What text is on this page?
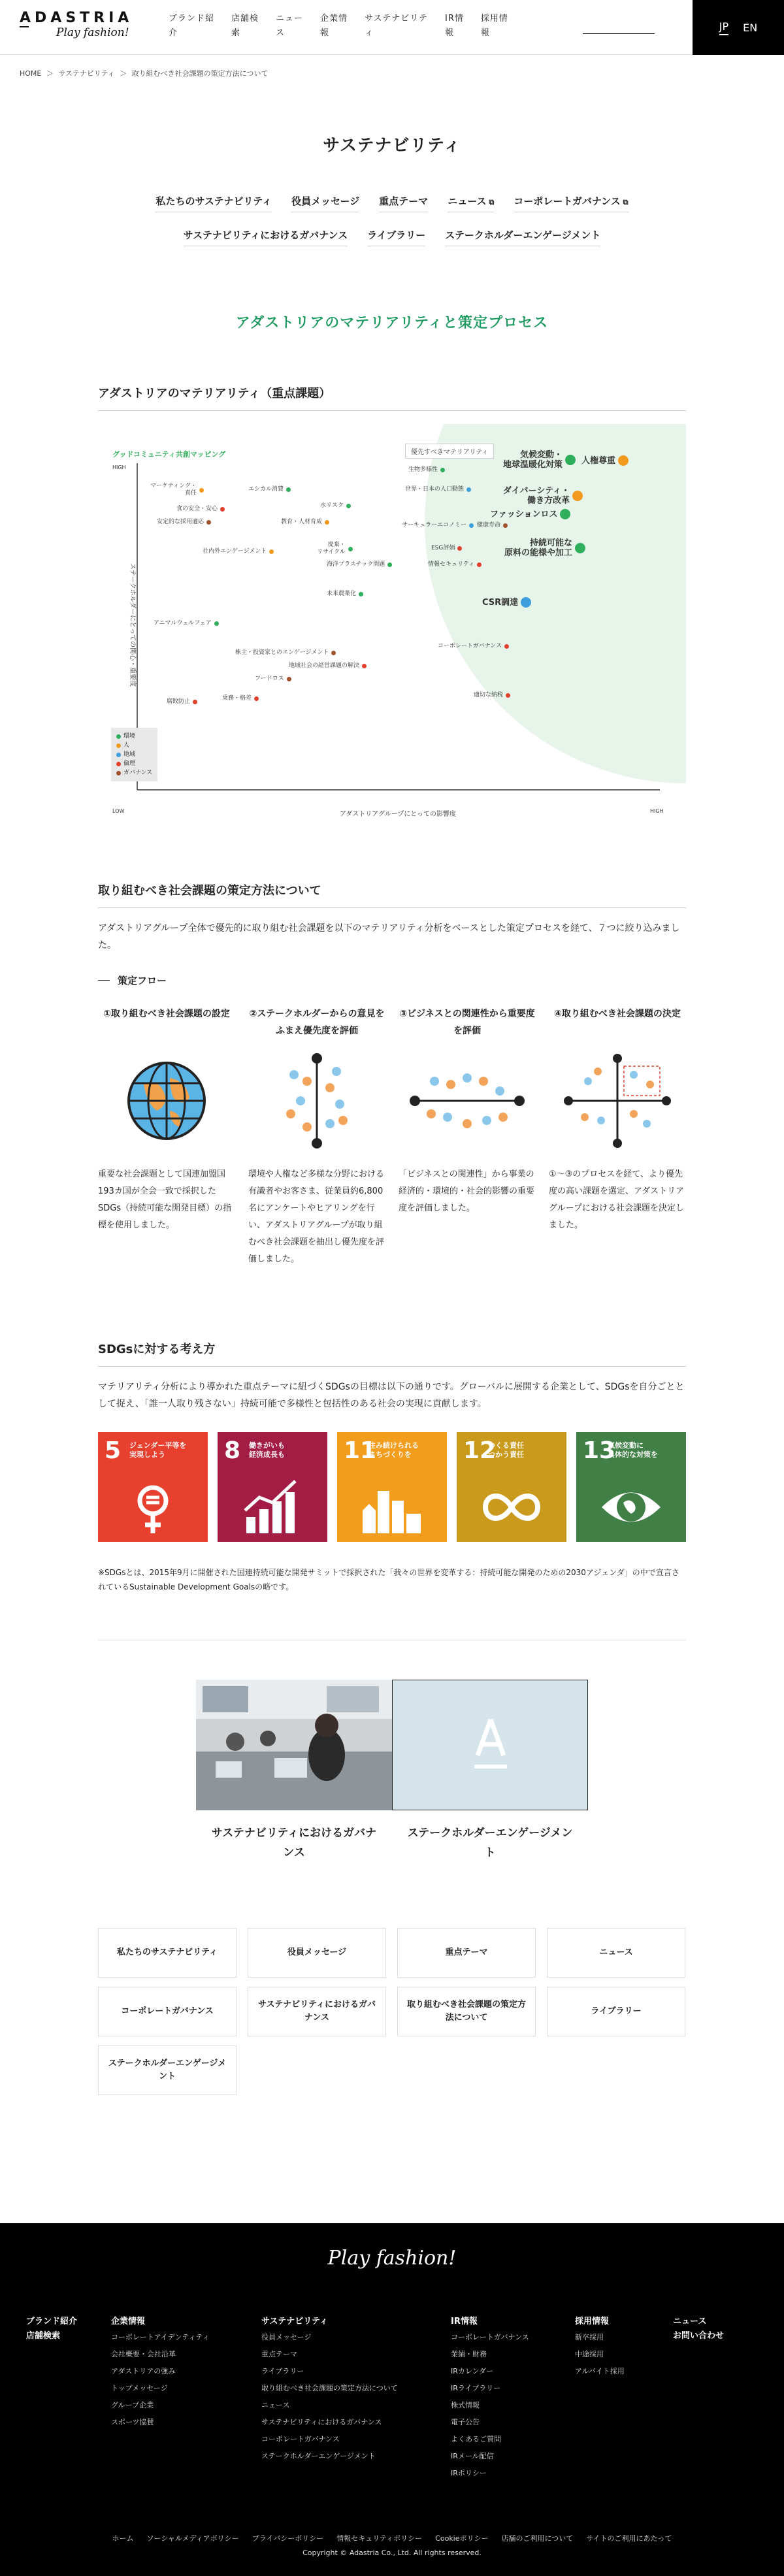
ADASTRIA
Play fashion!
ブランド紹
介
店舗検
索
ニュー
ス
企業情
報
サステナビリテ
ィ
IR情
報
採用情
報
JP EN
HOME ＞ サステナビリティ ＞ 取り組むべき社会課題の策定方法について
サステナビリティ
私たちのサステナビリティ 役員メッセージ 重点テーマ ニュース ⧉ コーポレートガバナンス ⧉
サステナビリティにおけるガバナンス ライブラリー ステークホルダーエンゲージメント
アダストリアのマテリアリティと策定プロセス
アダストリアのマテリアリティ（重点課題）
グッドコミュニティ共創マッピング	優先すべきマテリアリティ
HIGH
LOW	HIGH
アダストリアグループにとっての影響度
ステークホルダーにとっての関心・重要度
環境
人
地域
倫理
ガバナンス
気候変動・
地球温暖化対策 人権尊重
ダイバーシティ・
働き方改革
ファッションロス
持続可能な
原料の能様や加工
CSR調達
生物多様性
世界・日本の人口動態
マーケティング・
責任
エシカル消費
食の安全・安心	水リスク
安定的な採用適応	教育・人材育成	サーキュラーエコノミー 健康寿命
社内外エンゲージメント
廃棄・
リサイクル
ESG評価
海洋プラスチック問題	情報セキュリティ
未来農業化
アニマルウェルフェア
コーポレートガバナンス
株主・投資家とのエンゲージメント
地域社会の経営課題の解決
フードロス
乗務・格差	適切な納税
腐敗防止
取り組むべき社会課題の策定方法について
アダストリアグループ全体で優先的に取り組む社会課題を以下のマテリアリティ分析をベースとした策定プロセスを経て、７つに絞り込みました。
策定フロー
①取り組むべき社会課題の設定
重要な社会課題として国連加盟国193カ国が全会一致で採択したSDGs（持続可能な開発目標）の指標を使用しました。
②ステークホルダーからの意見をふまえ優先度を評価
環境や人権など多様な分野における有識者やお客さま、従業員約6,800名にアンケートやヒアリングを行い、アダストリアグループが取り組むべき社会課題を抽出し優先度を評価しました。
③ビジネスとの関連性から重要度を評価
「ビジネスとの関連性」から事業の経済的・環境的・社会的影響の重要度を評価しました。
④取り組むべき社会課題の決定
①〜③のプロセスを経て、より優先度の高い課題を選定、アダストリアグループにおける社会課題を決定しました。
SDGsに対する考え方
マテリアリティ分析により導かれた重点テーマに紐づくSDGsの目標は以下の通りです。グローバルに展開する企業として、SDGsを自分ごととして捉え、「誰一人取り残さない」持続可能で多様性と包括性のある社会の実現に貢献します。
5 ジェンダー平等を
実現しよう	8 働きがいも
経済成長も	11
住み続けられる
まちづくりを	12
つくる責任
つかう責任	13
気候変動に
具体的な対策を
※SDGsとは、2015年9月に開催された国連持続可能な開発サミットで採択された「我々の世界を変革する：持続可能な開発のための2030アジェンダ」の中で宣言されているSustainable Development Goalsの略です。
サステナビリティにおけるガバナンス
ステークホルダーエンゲージメント
私たちのサステナビリティ	役員メッセージ	重点テーマ	ニュース
コーポレートガバナンス
サステナビリティにおけるガバナンス
取り組むべき社会課題の策定方法について
ライブラリー
ステークホルダーエンゲージメント
Play fashion!
ブランド紹介
店舗検索
企業情報
コーポレートアイデンティティ
会社概要・会社沿革
アダストリアの強み
トップメッセージ
グループ企業
スポーツ協賛
サステナビリティ
役員メッセージ
重点テーマ
ライブラリー
取り組むべき社会課題の策定方法について
ニュース
サステナビリティにおけるガバナンス
コーポレートガバナンス
ステークホルダーエンゲージメント
IR情報
コーポレートガバナンス
業績・財務
IRカレンダー
IRライブラリー
株式情報
電子公告
よくあるご質問
IRメール配信
IRポリシー
採用情報
新卒採用
中途採用
アルバイト採用
ニュース
お問い合わせ
ホーム ソーシャルメディアポリシー プライバシーポリシー 情報セキュリティポリシー Cookieポリシー 店舗のご利用について サイトのご利用にあたって
Copyright © Adastria Co., Ltd. All rights reserved.
